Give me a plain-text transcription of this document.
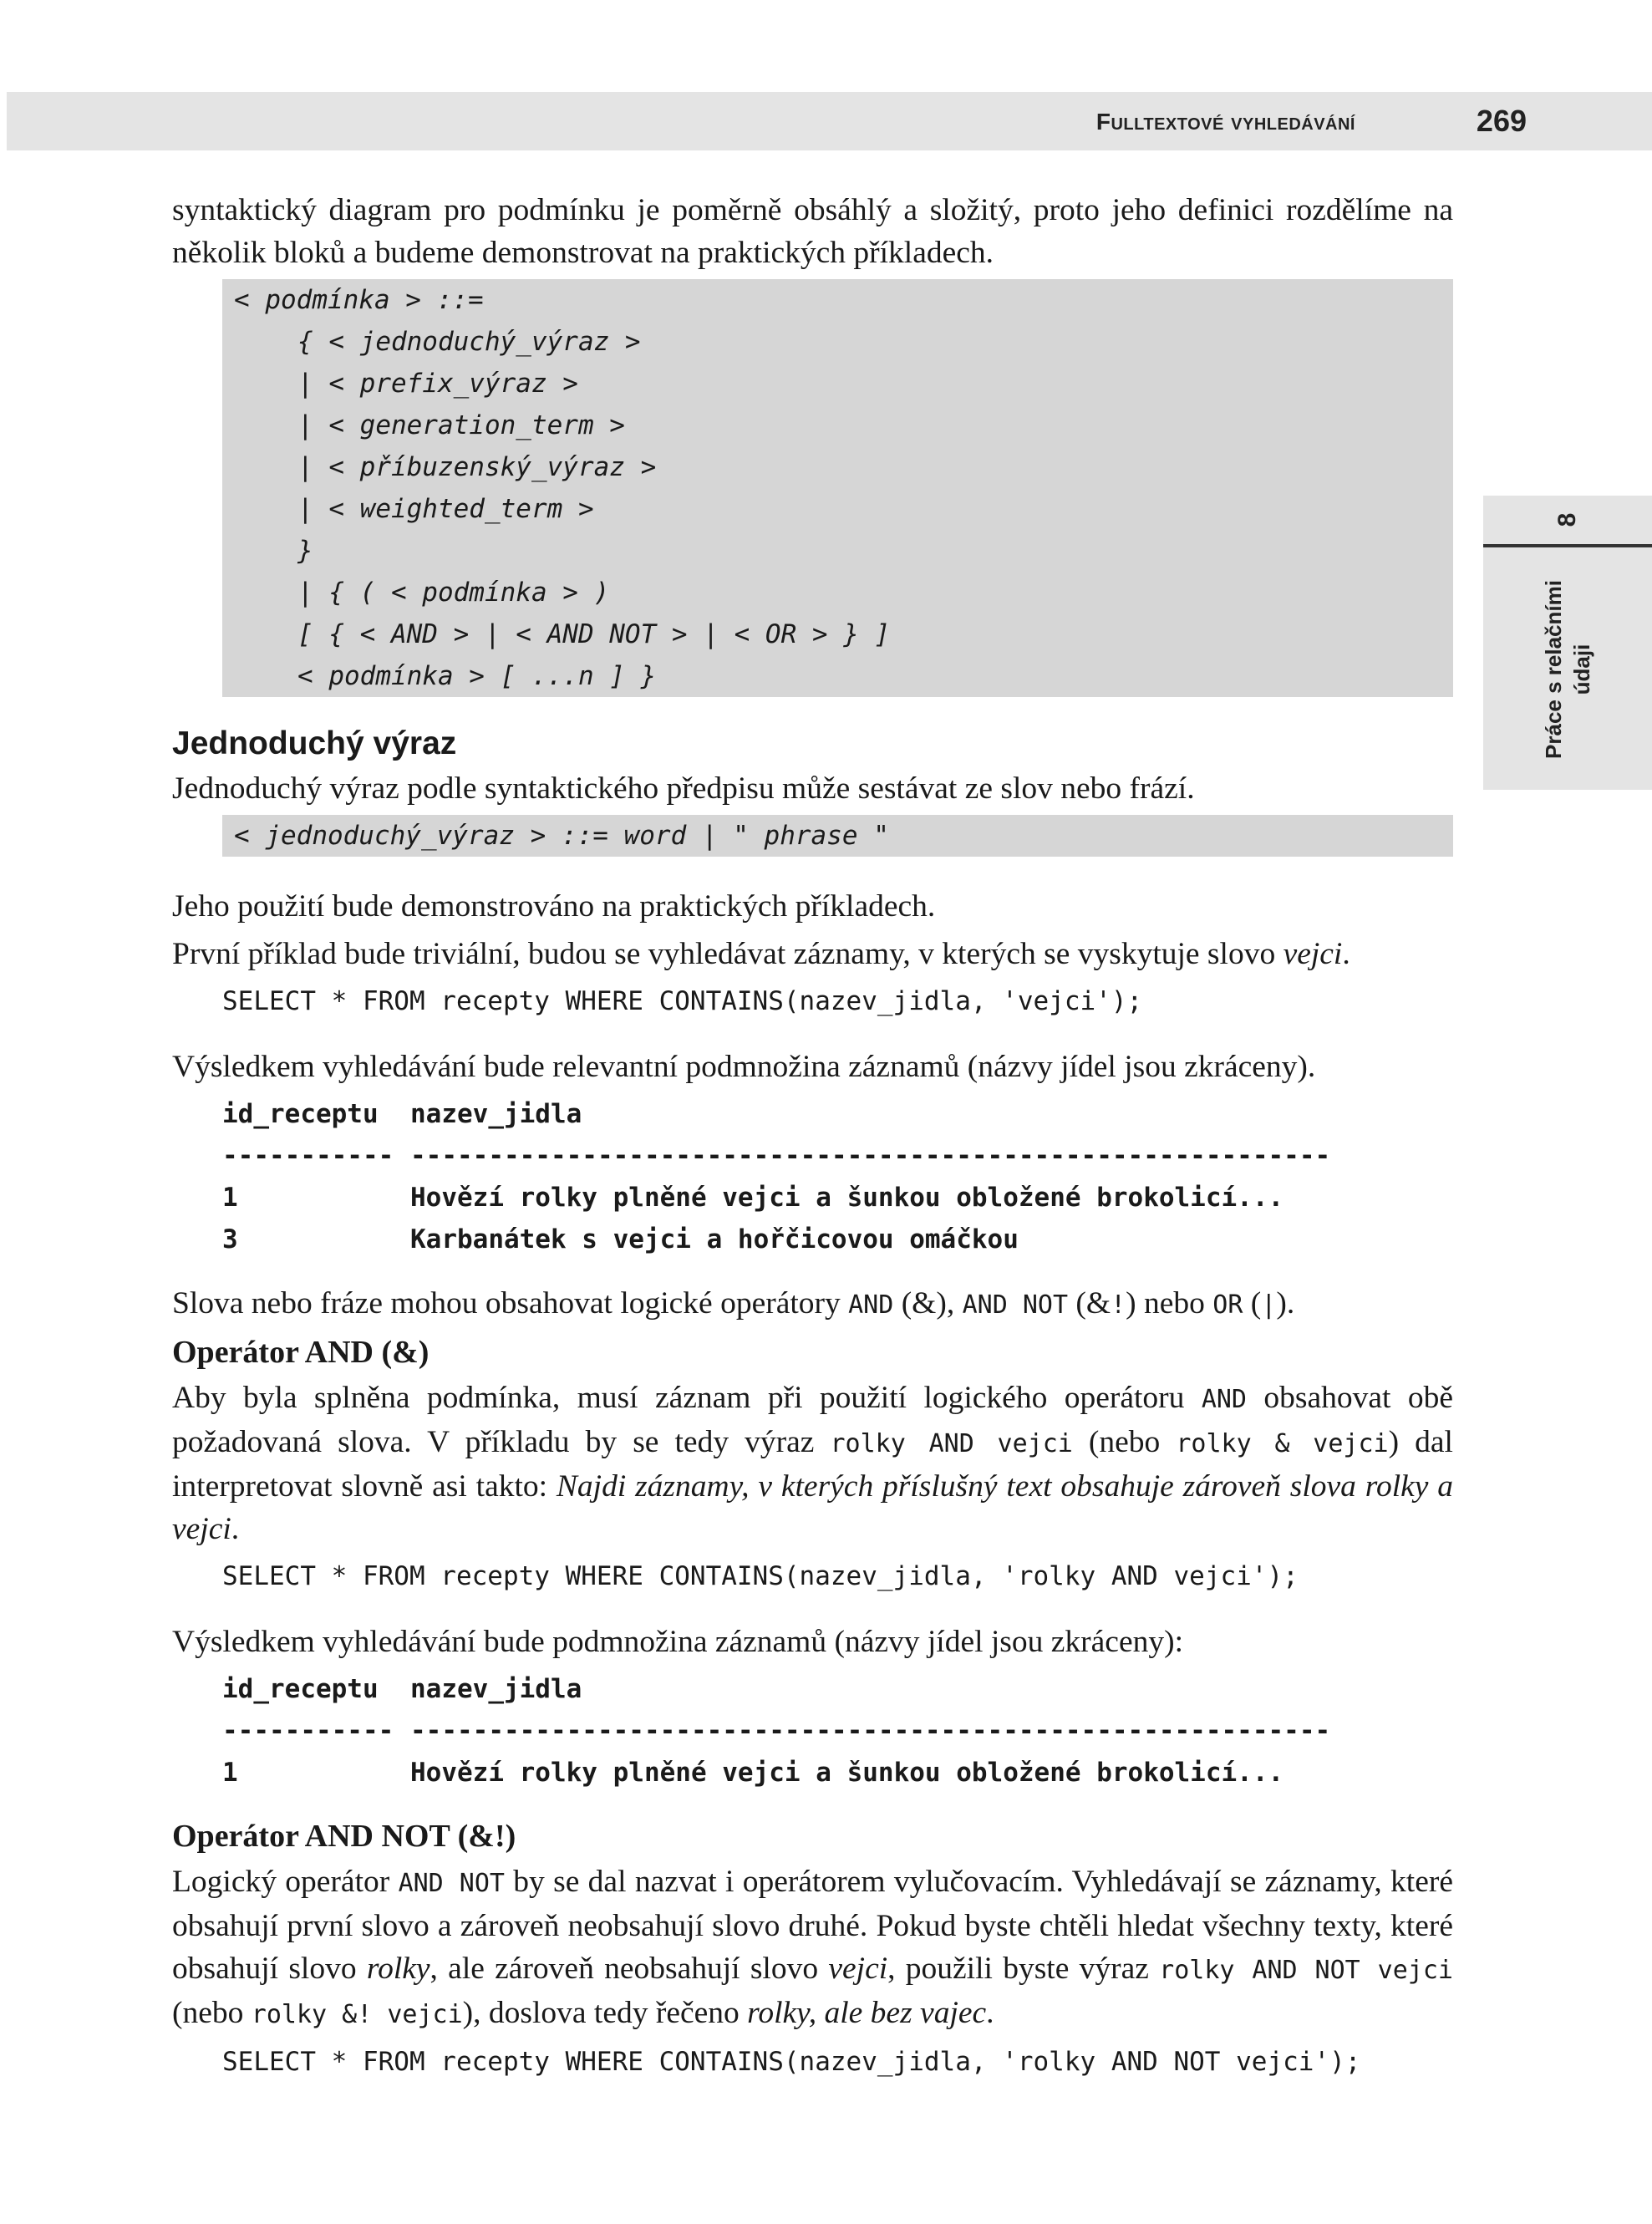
Fulltextové vyhledávání	269
8
Práce s relačními údaji

syntaktický diagram pro podmínku je poměrně obsáhlý a složitý, proto jeho definici rozdělíme na několik bloků a budeme demonstrovat na praktických příkladech.

< podmínka > ::=
{ < jednoduchý_výraz >
| < prefix_výraz >
| < generation_term >
| < příbuzenský_výraz >
| < weighted_term >
}
| { ( < podmínka > )
[ { < AND > | < AND NOT > | < OR > } ]
< podmínka > [ ...n ] }
Jednoduchý výraz

Jednoduchý výraz podle syntaktického předpisu může sestávat ze slov nebo frází.

< jednoduchý_výraz > ::= word | " phrase "

Jeho použití bude demonstrováno na praktických příkladech.

První příklad bude triviální, budou se vyhledávat záznamy, v kterých se vyskytuje slovo vejci.

SELECT * FROM recepty WHERE CONTAINS(nazev_jidla, 'vejci');

Výsledkem vyhledávání bude relevantní podmnožina záznamů (názvy jídel jsou zkráceny).

id_receptu	nazev_jidla
----------- -----------------------------------------------------------
1	Hovězí rolky plněné vejci a šunkou obložené brokolicí...
3	Karbanátek s vejci a hořčicovou omáčkou

Slova nebo fráze mohou obsahovat logické operátory AND (&), AND NOT (&!) nebo OR (|).

Operátor AND (&)

Aby byla splněna podmínka, musí záznam při použití logického operátoru AND obsahovat obě požadovaná slova. V příkladu by se tedy výraz rolky AND vejci (nebo rolky & vejci) dal interpretovat slovně asi takto: Najdi záznamy, v kterých příslušný text obsahuje zároveň slova rolky a vejci.

SELECT * FROM recepty WHERE CONTAINS(nazev_jidla, 'rolky AND vejci');

Výsledkem vyhledávání bude podmnožina záznamů (názvy jídel jsou zkráceny):

id_receptu	nazev_jidla
----------- -----------------------------------------------------------
1	Hovězí rolky plněné vejci a šunkou obložené brokolicí...
Operátor AND NOT (&!)

Logický operátor AND NOT by se dal nazvat i operátorem vylučovacím. Vyhledávají se záznamy, které obsahují první slovo a zároveň neobsahují slovo druhé. Pokud byste chtěli hledat všechny texty, které obsahují slovo rolky, ale zároveň neobsahují slovo vejci, použili byste výraz rolky AND NOT vejci (nebo rolky &! vejci), doslova tedy řečeno rolky, ale bez vajec.

SELECT * FROM recepty WHERE CONTAINS(nazev_jidla, 'rolky AND NOT vejci');
